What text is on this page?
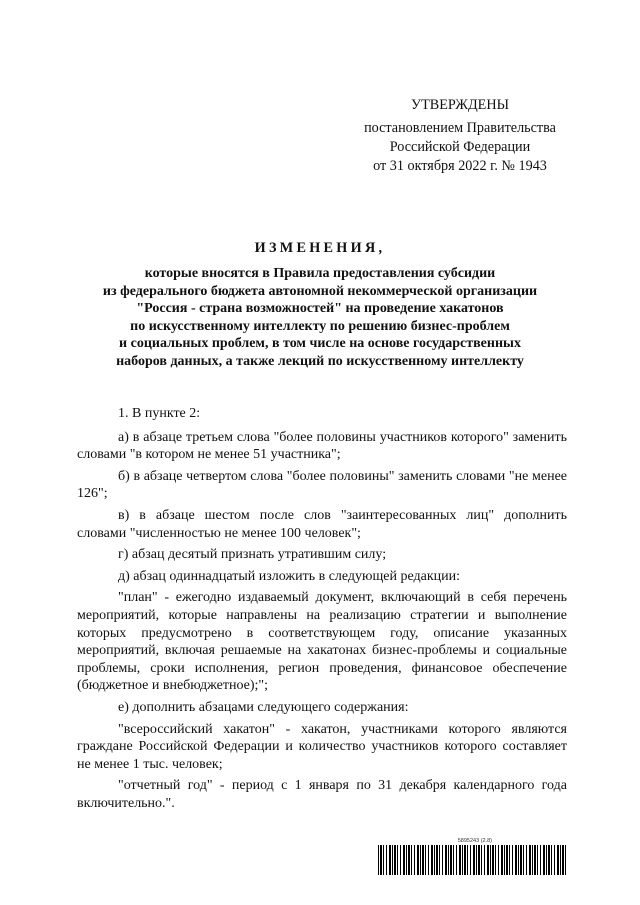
УТВЕРЖДЕНЫ
постановлением Правительства
Российской Федерации
от 31 октября 2022 г. № 1943
ИЗМЕНЕНИЯ,
которые вносятся в Правила предоставления субсидии
из федерального бюджета автономной некоммерческой организации
"Россия - страна возможностей" на проведение хакатонов
по искусственному интеллекту по решению бизнес-проблем
и социальных проблем, в том числе на основе государственных
наборов данных, а также лекций по искусственному интеллекту

1. В пункте 2:

а) в абзаце третьем слова "более половины участников которого" заменить словами "в котором не менее 51 участника";

б) в абзаце четвертом слова "более половины" заменить словами "не менее 126";

в) в абзаце шестом после слов "заинтересованных лиц" дополнить словами "численностью не менее 100 человек";

г) абзац десятый признать утратившим силу;

д) абзац одиннадцатый изложить в следующей редакции:

"план" - ежегодно издаваемый документ, включающий в себя перечень мероприятий, которые направлены на реализацию стратегии и выполнение которых предусмотрено в соответствующем году, описание указанных мероприятий, включая решаемые на хакатонах бизнес-проблемы и социальные проблемы, сроки исполнения, регион проведения, финансовое обеспечение (бюджетное и внебюджетное);";

е) дополнить абзацами следующего содержания:

"всероссийский хакатон" - хакатон, участниками которого являются граждане Российской Федерации и количество участников которого составляет не менее 1 тыс. человек;

"отчетный год" - период с 1 января по 31 декабря календарного года включительно.".

5895243 (2.8)
